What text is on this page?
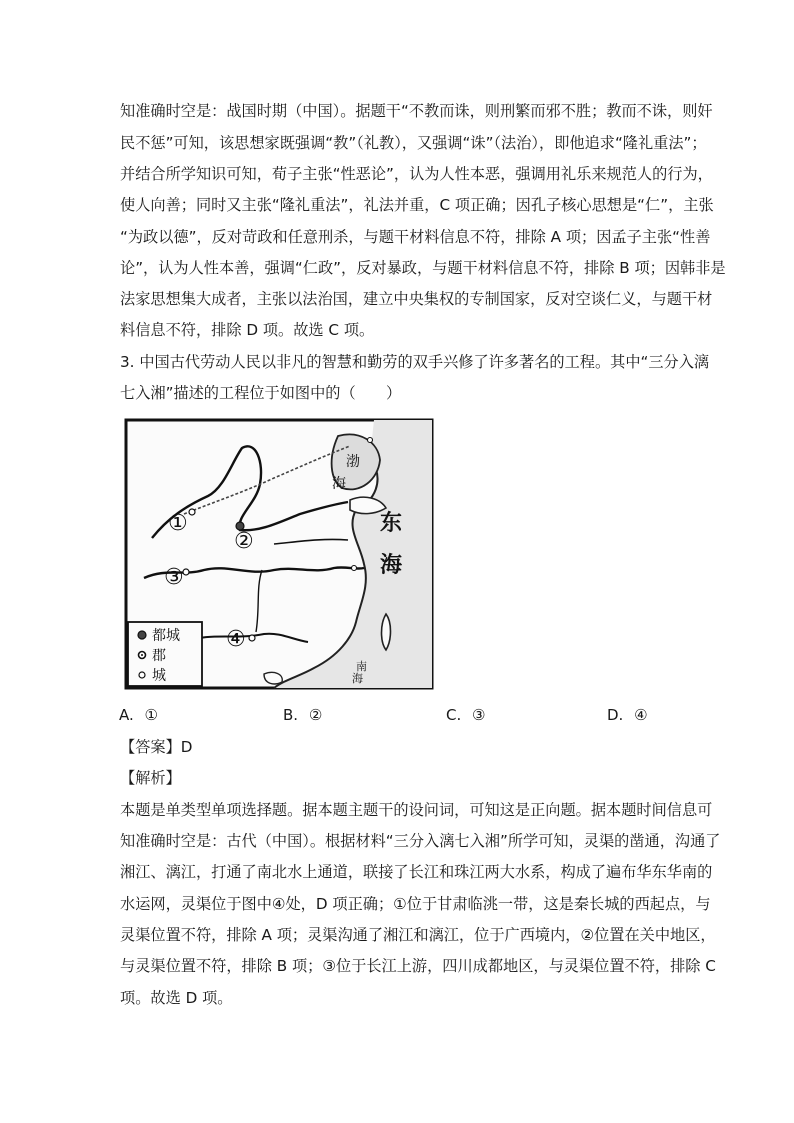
知准确时空是：战国时期（中国）。据题干“不教而诛，则刑繁而邪不胜；教而不诛，则奸
民不惩”可知，该思想家既强调“教”（礼教），又强调“诛”（法治），即他追求“隆礼重法”；
并结合所学知识可知，荀子主张“性恶论”，认为人性本恶，强调用礼乐来规范人的行为，
使人向善；同时又主张“隆礼重法”，礼法并重，C 项正确；因孔子核心思想是“仁”，主张
“为政以德”，反对苛政和任意刑杀，与题干材料信息不符，排除 A 项；因孟子主张“性善
论”，认为人性本善，强调“仁政”，反对暴政，与题干材料信息不符，排除 B 项；因韩非是
法家思想集大成者，主张以法治国，建立中央集权的专制国家，反对空谈仁义，与题干材
料信息不符，排除 D 项。故选 C 项。
3. 中国古代劳动人民以非凡的智慧和勤劳的双手兴修了许多著名的工程。其中“三分入漓
七入湘”描述的工程位于如图中的（　　）
东
海
渤
海
南
海
①
②
③
④
都城
郡
城
A. ①	B. ②	C. ③	D. ④
【答案】D
【解析】
本题是单类型单项选择题。据本题主题干的设问词，可知这是正向题。据本题时间信息可
知准确时空是：古代（中国）。根据材料“三分入漓七入湘”所学可知，灵渠的凿通，沟通了
湘江、漓江，打通了南北水上通道，联接了长江和珠江两大水系，构成了遍布华东华南的
水运网，灵渠位于图中④处，D 项正确；①位于甘肃临洮一带，这是秦长城的西起点，与
灵渠位置不符，排除 A 项；灵渠沟通了湘江和漓江，位于广西境内，②位置在关中地区，
与灵渠位置不符，排除 B 项；③位于长江上游，四川成都地区，与灵渠位置不符，排除 C
项。故选 D 项。
